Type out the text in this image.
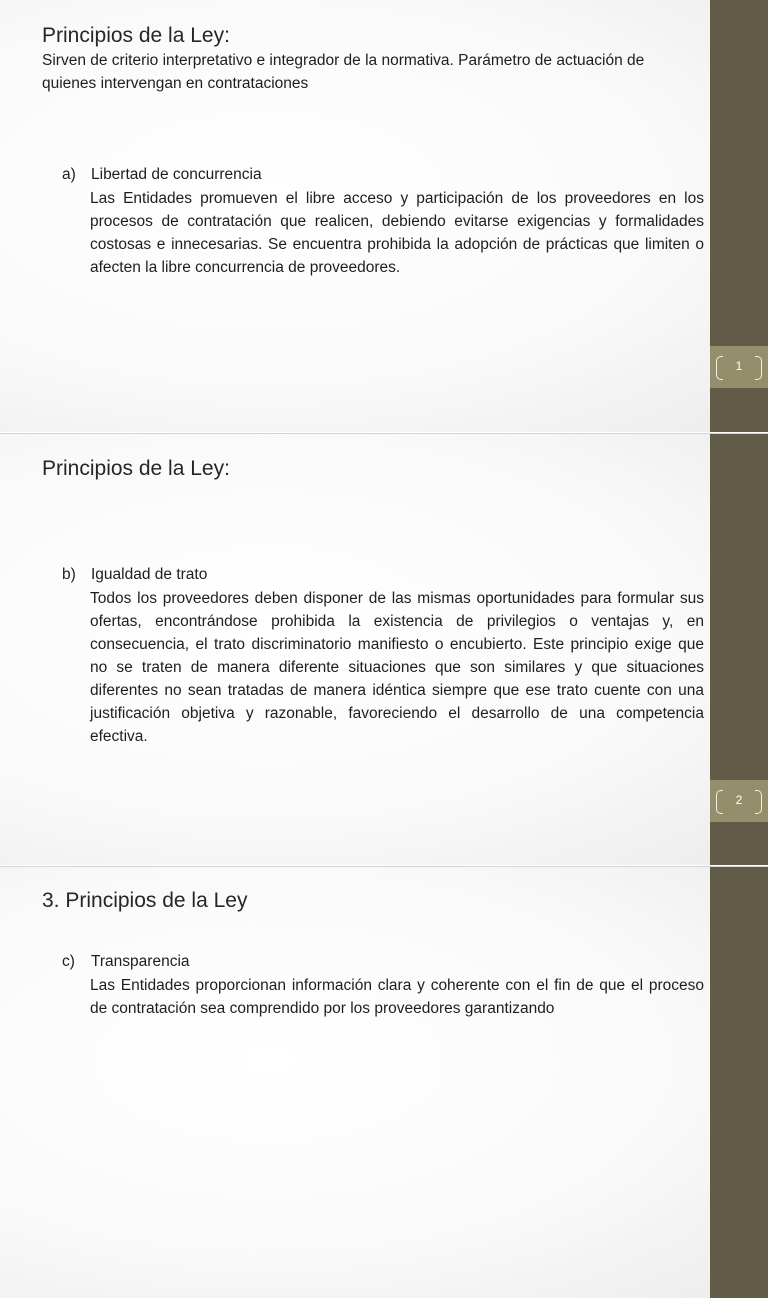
Principios de la Ley:
Sirven de criterio interpretativo e integrador de la normativa. Parámetro de actuación de quienes intervengan en contrataciones
a) Libertad de concurrencia
Las Entidades promueven el libre acceso y participación de los proveedores en los procesos de contratación que realicen, debiendo evitarse exigencias y formalidades costosas e innecesarias. Se encuentra prohibida la adopción de prácticas que limiten o afecten la libre concurrencia de proveedores.
1
Principios de la Ley:
b) Igualdad de trato
Todos los proveedores deben disponer de las mismas oportunidades para formular sus ofertas, encontrándose prohibida la existencia de privilegios o ventajas y, en consecuencia, el trato discriminatorio manifiesto o encubierto. Este principio exige que no se traten de manera diferente situaciones que son similares y que situaciones diferentes no sean tratadas de manera idéntica siempre que ese trato cuente con una justificación objetiva y razonable, favoreciendo el desarrollo de una competencia efectiva.
2
3. Principios de la Ley
c) Transparencia
Las Entidades proporcionan información clara y coherente con el fin de que el proceso de contratación sea comprendido por los proveedores garantizando
